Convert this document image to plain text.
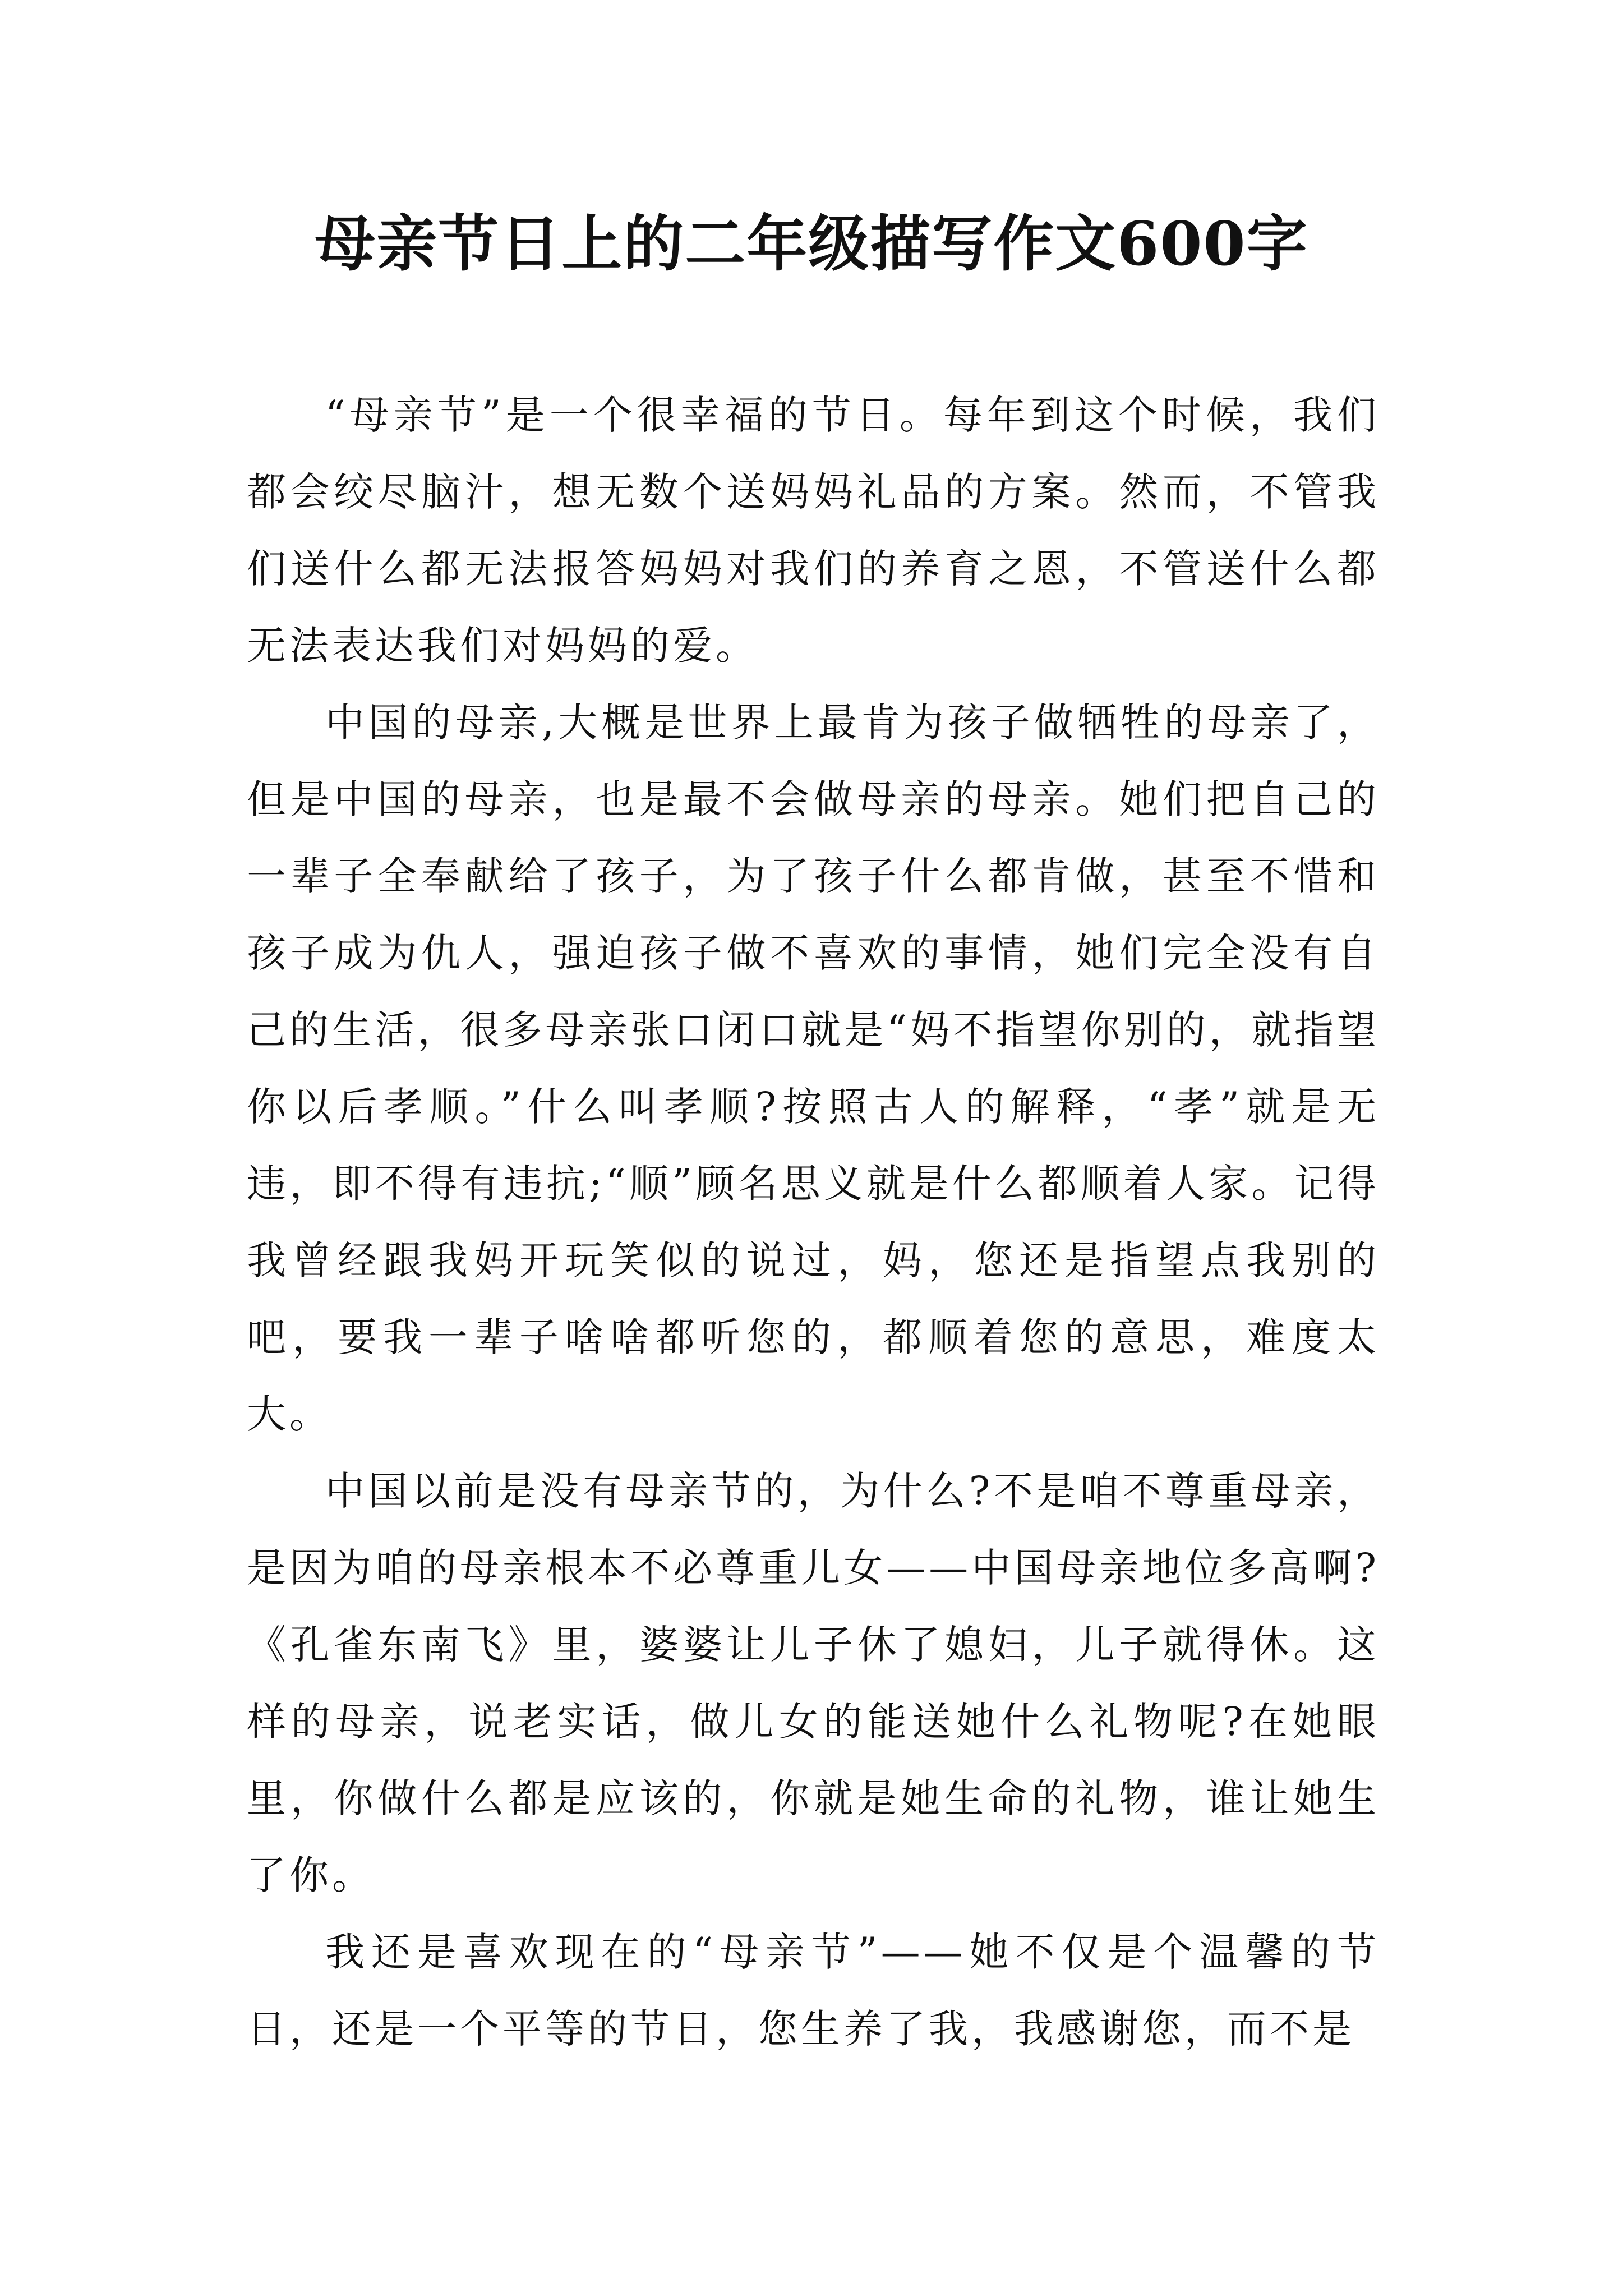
母亲节日上的二年级描写作文600字

“母亲节”是一个很幸福的节日。每年到这个时候，我们都会绞尽脑汁，想无数个送妈妈礼品的方案。然而，不管我们送什么都无法报答妈妈对我们的养育之恩，不管送什么都无法表达我们对妈妈的爱。

中国的母亲,大概是世界上最肯为孩子做牺牲的母亲了，但是中国的母亲，也是最不会做母亲的母亲。她们把自己的一辈子全奉献给了孩子，为了孩子什么都肯做，甚至不惜和孩子成为仇人，强迫孩子做不喜欢的事情，她们完全没有自己的生活，很多母亲张口闭口就是“妈不指望你别的，就指望你以后孝顺。”什么叫孝顺?按照古人的解释，“孝”就是无违，即不得有违抗;“顺”顾名思义就是什么都顺着人家。记得我曾经跟我妈开玩笑似的说过，妈，您还是指望点我别的吧，要我一辈子啥啥都听您的，都顺着您的意思，难度太大。

中国以前是没有母亲节的，为什么?不是咱不尊重母亲，是因为咱的母亲根本不必尊重儿女——中国母亲地位多高啊?《孔雀东南飞》里，婆婆让儿子休了媳妇，儿子就得休。这样的母亲，说老实话，做儿女的能送她什么礼物呢?在她眼里，你做什么都是应该的，你就是她生命的礼物，谁让她生了你。

我还是喜欢现在的“母亲节”——她不仅是个温馨的节日，还是一个平等的节日，您生养了我，我感谢您，而不是
